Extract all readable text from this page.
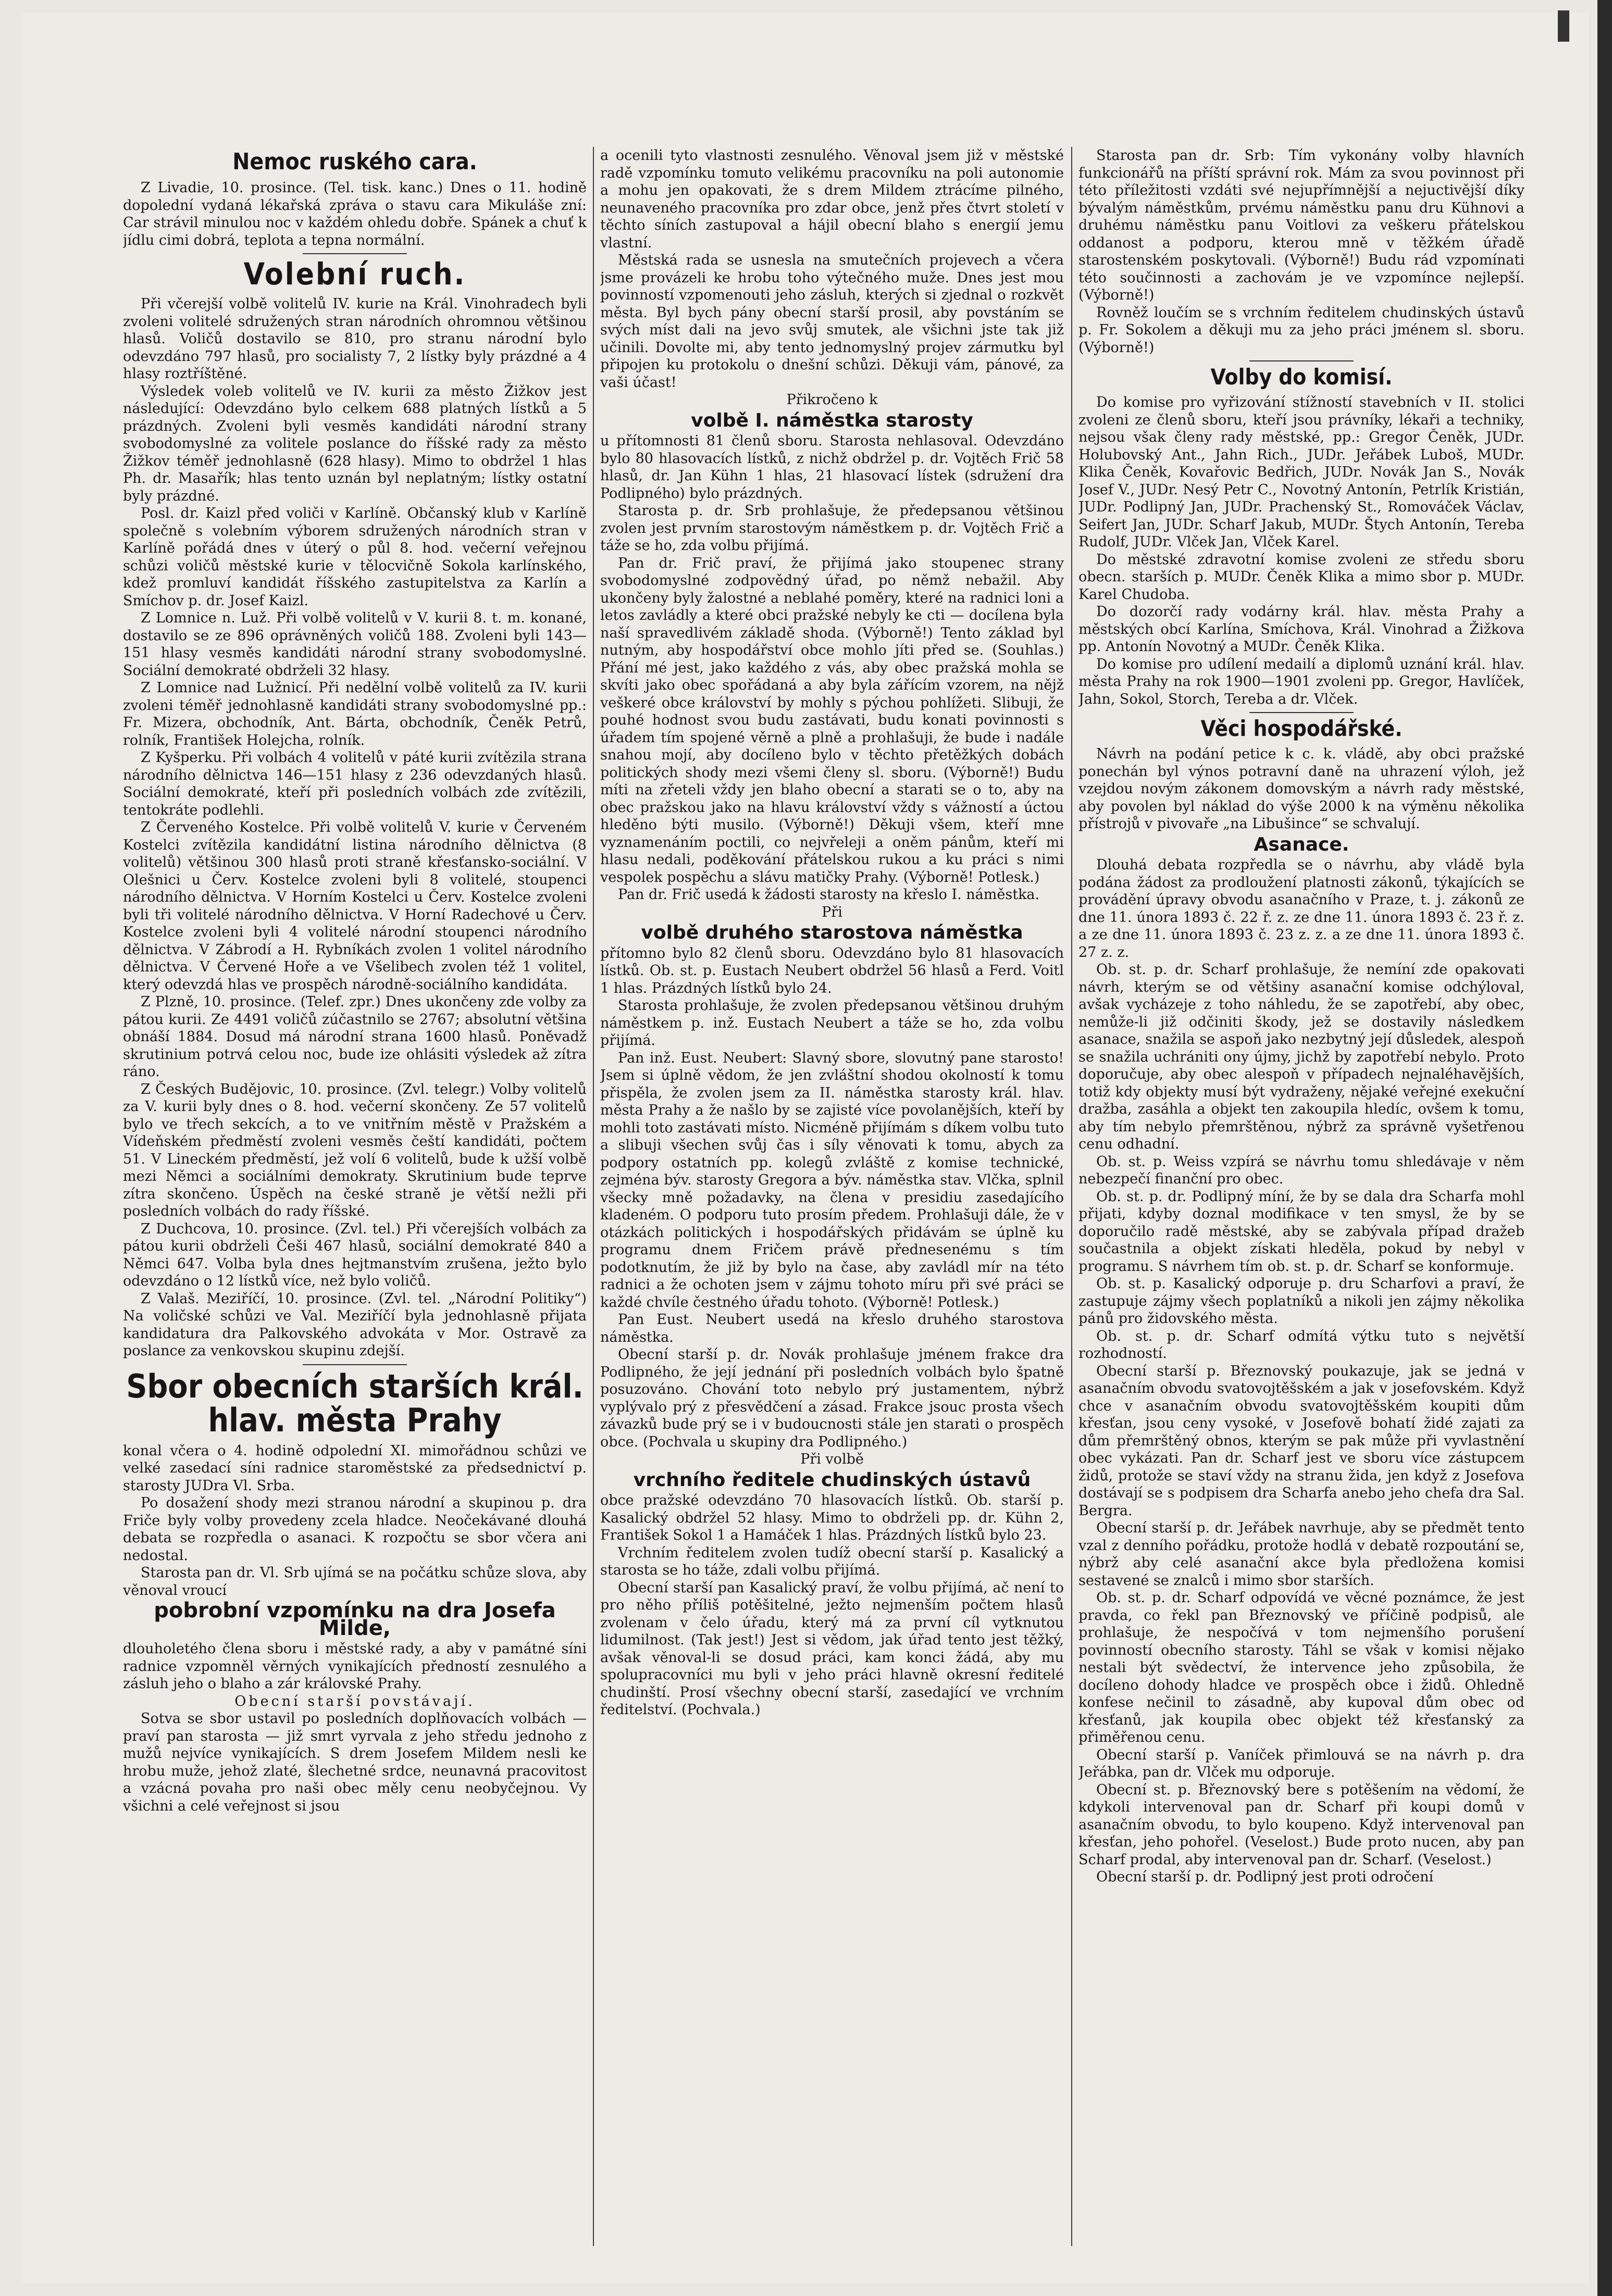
Nemoc ruského cara.

Z Livadie, 10. prosince. (Tel. tisk. kanc.) Dnes o 11. hodině dopolední vydaná lékařská zpráva o stavu cara Mikuláše zní: Car strávil minulou noc v každém ohledu dobře. Spánek a chuť k jídlu cimi dobrá, teplota a tepna normální.

Volební ruch.

Při včerejší volbě volitelů IV. kurie na Král. Vinohradech byli zvoleni volitelé sdružených stran národních ohromnou většinou hlasů. Voličů dostavilo se 810, pro stranu národní bylo odevzdáno 797 hlasů, pro socialisty 7, 2 lístky byly prázdné a 4 hlasy roztříštěné.

Výsledek voleb volitelů ve IV. kurii za město Žižkov jest následující: Odevzdáno bylo celkem 688 platných lístků a 5 prázdných. Zvoleni byli vesměs kandidáti národní strany svobodomyslné za volitele poslance do říšské rady za město Žižkov téměř jednohlasně (628 hlasy). Mimo to obdržel 1 hlas Ph. dr. Masařík; hlas tento uznán byl neplatným; lístky ostatní byly prázdné.

Posl. dr. Kaizl před voliči v Karlíně. Občanský klub v Karlíně společně s volebním výborem sdružených národních stran v Karlíně pořádá dnes v úterý o půl 8. hod. večerní veřejnou schůzi voličů městské kurie v tělocvičně Sokola karlínského, kdež promluví kandidát říšského zastupitelstva za Karlín a Smíchov p. dr. Josef Kaizl.

Z Lomnice n. Luž. Při volbě volitelů v V. kurii 8. t. m. konané, dostavilo se ze 896 oprávněných voličů 188. Zvoleni byli 143—151 hlasy vesměs kandidáti národní strany svobodomyslné. Sociální demokraté obdrželi 32 hlasy.

Z Lomnice nad Lužnicí. Při nedělní volbě volitelů za IV. kurii zvoleni téměř jednohlasně kandidáti strany svobodomyslné pp.: Fr. Mizera, obchodník, Ant. Bárta, obchodník, Čeněk Petrů, rolník, František Holejcha, rolník.

Z Kyšperku. Při volbách 4 volitelů v páté kurii zvítězila strana národního dělnictva 146—151 hlasy z 236 odevzdaných hlasů. Sociální demokraté, kteří při posledních volbách zde zvítězili, tentokráte podlehli.

Z Červeného Kostelce. Při volbě volitelů V. kurie v Červeném Kostelci zvítězila kandidátní listina národního dělnictva (8 volitelů) většinou 300 hlasů proti straně křesťansko-sociální. V Olešnici u Červ. Kostelce zvoleni byli 8 volitelé, stoupenci národního dělnictva. V Horním Kostelci u Červ. Kostelce zvoleni byli tři volitelé národního dělnictva. V Horní Radechové u Červ. Kostelce zvoleni byli 4 volitelé národní stoupenci národního dělnictva. V Zábrodí a H. Rybníkách zvolen 1 volitel národního dělnictva. V Červené Hoře a ve Všelibech zvolen též 1 volitel, který odevzdá hlas ve prospěch národně-sociálního kandidáta.

Z Plzně, 10. prosince. (Telef. zpr.) Dnes ukončeny zde volby za pátou kurii. Ze 4491 voličů zúčastnilo se 2767; absolutní většina obnáší 1884. Dosud má národní strana 1600 hlasů. Poněvadž skrutinium potrvá celou noc, bude ize ohlásiti výsledek až zítra ráno.

Z Českých Budějovic, 10. prosince. (Zvl. telegr.) Volby volitelů za V. kurii byly dnes o 8. hod. večerní skončeny. Ze 57 volitelů bylo ve třech sekcích, a to ve vnitřním městě v Pražském a Vídeňském předměstí zvoleni vesměs čeští kandidáti, počtem 51. V Lineckém předměstí, jež volí 6 volitelů, bude k užší volbě mezi Němci a sociálními demokraty. Skrutinium bude teprve zítra skončeno. Úspěch na české straně je větší nežli při posledních volbách do rady říšské.

Z Duchcova, 10. prosince. (Zvl. tel.) Při včerejších volbách za pátou kurii obdrželi Češi 467 hlasů, sociální demokraté 840 a Němci 647. Volba byla dnes hejtmanstvím zrušena, ježto bylo odevzdáno o 12 lístků více, než bylo voličů.

Z Valaš. Meziříčí, 10. prosince. (Zvl. tel. „Národní Politiky“) Na voličské schůzi ve Val. Meziříčí byla jednohlasně přijata kandidatura dra Palkovského advokáta v Mor. Ostravě za poslance za venkovskou skupinu zdejší.

Sbor obecních starších král. hlav. města Prahy

konal včera o 4. hodině odpolední XI. mimořádnou schůzi ve velké zasedací síni radnice staroměstské za předsednictví p. starosty JUDra Vl. Srba.

Po dosažení shody mezi stranou národní a skupinou p. dra Friče byly volby provedeny zcela hladce. Neočekávané dlouhá debata se rozpředla o asanaci. K rozpočtu se sbor včera ani nedostal.

Starosta pan dr. Vl. Srb ujímá se na počátku schůze slova, aby věnoval vroucí

pobrobní vzpomínku na dra Josefa Milde,

dlouholetého člena sboru i městské rady, a aby v památné síni radnice vzpomněl věrných vynikajících předností zesnulého a zásluh jeho o blaho a zár královské Prahy.

Obecní starší povstávají.

Sotva se sbor ustavil po posledních doplňovacích volbách — praví pan starosta — již smrt vyrvala z jeho středu jednoho z mužů nejvíce vynikajících. S drem Josefem Mildem nesli ke hrobu muže, jehož zlaté, šlechetné srdce, neunavná pracovitost a vzácná povaha pro naši obec měly cenu neobyčejnou. Vy všichni a celé veřejnost si jsou

a ocenili tyto vlastnosti zesnulého. Věnoval jsem již v městské radě vzpomínku tomuto velikému pracovníku na poli autonomie a mohu jen opakovati, že s drem Mildem ztrácíme pilného, neunaveného pracovníka pro zdar obce, jenž přes čtvrt století v těchto síních zastupoval a hájil obecní blaho s energií jemu vlastní.

Městská rada se usnesla na smutečních projevech a včera jsme provázeli ke hrobu toho výtečného muže. Dnes jest mou povinností vzpomenouti jeho zásluh, kterých si zjednal o rozkvět města. Byl bych pány obecní starší prosil, aby povstáním se svých míst dali na jevo svůj smutek, ale všichni jste tak již učinili. Dovolte mi, aby tento jednomyslný projev zármutku byl připojen ku protokolu o dnešní schůzi. Děkuji vám, pánové, za vaši účast!

Přikročeno k

volbě I. náměstka starosty

u přítomnosti 81 členů sboru. Starosta nehlasoval. Odevzdáno bylo 80 hlasovacích lístků, z nichž obdržel p. dr. Vojtěch Frič 58 hlasů, dr. Jan Kühn 1 hlas, 21 hlasovací lístek (sdružení dra Podlipného) bylo prázdných.

Starosta p. dr. Srb prohlašuje, že předepsanou většinou zvolen jest prvním starostovým náměstkem p. dr. Vojtěch Frič a táže se ho, zda volbu přijímá.

Pan dr. Frič praví, že přijímá jako stoupenec strany svobodomyslné zodpovědný úřad, po němž nebažil. Aby ukončeny byly žalostné a neblahé poměry, které na radnici loni a letos zavládly a které obci pražské nebyly ke cti — docílena byla naší spravedlivém základě shoda. (Výborně!) Tento základ byl nutným, aby hospodářství obce mohlo jíti před se. (Souhlas.) Přání mé jest, jako každého z vás, aby obec pražská mohla se skvíti jako obec spořádaná a aby byla zářícím vzorem, na nějž veškeré obce království by mohly s pýchou pohlížeti. Slibuji, že pouhé hodnost svou budu zastávati, budu konati povinnosti s úřadem tím spojené věrně a plně a prohlašuji, že bude i nadále snahou mojí, aby docíleno bylo v těchto přetěžkých dobách politických shody mezi všemi členy sl. sboru. (Výborně!) Budu míti na zřeteli vždy jen blaho obecní a starati se o to, aby na obec pražskou jako na hlavu království vždy s vážností a úctou hleděno býti musilo. (Výborně!) Děkuji všem, kteří mne vyznamenáním poctili, co nejvřeleji a oněm pánům, kteří mi hlasu nedali, poděkování přátelskou rukou a ku práci s nimi vespolek pospěchu a slávu matičky Prahy. (Výborně! Potlesk.)

Pan dr. Frič usedá k žádosti starosty na křeslo I. náměstka.

Při

volbě druhého starostova náměstka

přítomno bylo 82 členů sboru. Odevzdáno bylo 81 hlasovacích lístků. Ob. st. p. Eustach Neubert obdržel 56 hlasů a Ferd. Voitl 1 hlas. Prázdných lístků bylo 24.

Starosta prohlašuje, že zvolen předepsanou většinou druhým náměstkem p. inž. Eustach Neubert a táže se ho, zda volbu přijímá.

Pan inž. Eust. Neubert: Slavný sbore, slovutný pane starosto! Jsem si úplně vědom, že jen zvláštní shodou okolností k tomu přispěla, že zvolen jsem za II. náměstka starosty král. hlav. města Prahy a že našlo by se zajisté více povolanějších, kteří by mohli toto zastávati místo. Nicméně přijímám s díkem volbu tuto a slibuji všechen svůj čas i síly věnovati k tomu, abych za podpory ostatních pp. kolegů zvláště z komise technické, zejména býv. starosty Gregora a býv. náměstka stav. Vlčka, splnil všecky mně požadavky, na člena v presidiu zasedajícího kladeném. O podporu tuto prosím předem. Prohlašuji dále, že v otázkách politických i hospodářských přidávám se úplně ku programu dnem Fričem právě přednesenému s tím podotknutím, že již by bylo na čase, aby zavládl mír na této radnici a že ochoten jsem v zájmu tohoto míru při své práci se každé chvíle čestného úřadu tohoto. (Výborně! Potlesk.)

Pan Eust. Neubert usedá na křeslo druhého starostova náměstka.

Obecní starší p. dr. Novák prohlašuje jménem frakce dra Podlipného, že její jednání při posledních volbách bylo špatně posuzováno. Chování toto nebylo prý justamentem, nýbrž vyplývalo prý z přesvědčení a zásad. Frakce jsouc prosta všech závazků bude prý se i v budoucnosti stále jen starati o prospěch obce. (Pochvala u skupiny dra Podlipného.)

Při volbě

vrchního ředitele chudinských ústavů

obce pražské odevzdáno 70 hlasovacích lístků. Ob. starší p. Kasalický obdržel 52 hlasy. Mimo to obdrželi pp. dr. Kühn 2, František Sokol 1 a Hamáček 1 hlas. Prázdných lístků bylo 23.

Vrchním ředitelem zvolen tudíž obecní starší p. Kasalický a starosta se ho táže, zdali volbu přijímá.

Obecní starší pan Kasalický praví, že volbu přijímá, ač není to pro něho příliš potěšitelné, ježto nejmenším počtem hlasů zvolenam v čelo úřadu, který má za první cíl vytknutou lidumilnost. (Tak jest!) Jest si vědom, jak úřad tento jest těžký, avšak věnoval-li se dosud práci, kam konci žádá, aby mu spolupracovníci mu byli v jeho práci hlavně okresní ředitelé chudinští. Prosí všechny obecní starší, zasedající ve vrchním ředitelství. (Pochvala.)

Starosta pan dr. Srb: Tím vykonány volby hlavních funkcionářů na příští správní rok. Mám za svou povinnost při této příležitosti vzdáti své nejupřímnější a nejuctivější díky bývalým náměstkům, prvému náměstku panu dru Kühnovi a druhému náměstku panu Voitlovi za veškeru přátelskou oddanost a podporu, kterou mně v těžkém úřadě starostenském poskytovali. (Výborně!) Budu rád vzpomínati této součinnosti a zachovám je ve vzpomínce nejlepší. (Výborně!)

Rovněž loučím se s vrchním ředitelem chudinských ústavů p. Fr. Sokolem a děkuji mu za jeho práci jménem sl. sboru. (Výborně!)

Volby do komisí.

Do komise pro vyřizování stížností stavebních v II. stolici zvoleni ze členů sboru, kteří jsou právníky, lékaři a techniky, nejsou však členy rady městské, pp.: Gregor Čeněk, JUDr. Holubovský Ant., Jahn Rich., JUDr. Jeřábek Luboš, MUDr. Klika Čeněk, Kovařovic Bedřich, JUDr. Novák Jan S., Novák Josef V., JUDr. Nesý Petr C., Novotný Antonín, Petrlík Kristián, JUDr. Podlipný Jan, JUDr. Prachenský St., Romováček Václav, Seifert Jan, JUDr. Scharf Jakub, MUDr. Štych Antonín, Tereba Rudolf, JUDr. Vlček Jan, Vlček Karel.

Do městské zdravotní komise zvoleni ze středu sboru obecn. starších p. MUDr. Čeněk Klika a mimo sbor p. MUDr. Karel Chudoba.

Do dozorčí rady vodárny král. hlav. města Prahy a městských obcí Karlína, Smíchova, Král. Vinohrad a Žižkova pp. Antonín Novotný a MUDr. Čeněk Klika.

Do komise pro udílení medailí a diplomů uznání král. hlav. města Prahy na rok 1900—1901 zvoleni pp. Gregor, Havlíček, Jahn, Sokol, Storch, Tereba a dr. Vlček.

Věci hospodářské.

Návrh na podání petice k c. k. vládě, aby obci pražské ponechán byl výnos potravní daně na uhrazení výloh, jež vzejdou novým zákonem domovským a návrh rady městské, aby povolen byl náklad do výše 2000 k na výměnu několika přístrojů v pivovaře „na Libušince“ se schvalují.

Asanace.

Dlouhá debata rozpředla se o návrhu, aby vládě byla podána žádost za prodloužení platnosti zákonů, týkajících se provádění úpravy obvodu asanačního v Praze, t. j. zákonů ze dne 11. února 1893 č. 22 ř. z. ze dne 11. února 1893 č. 23 ř. z. a ze dne 11. února 1893 č. 23 z. z. a ze dne 11. února 1893 č. 27 z. z.

Ob. st. p. dr. Scharf prohlašuje, že nemíní zde opakovati návrh, kterým se od většiny asanační komise odchýloval, avšak vycházeje z toho náhledu, že se zapotřebí, aby obec, nemůže-li již odčiniti škody, jež se dostavily následkem asanace, snažila se aspoň jako nezbytný její důsledek, alespoň se snažila uchrániti ony újmy, jichž by zapotřebí nebylo. Proto doporučuje, aby obec alespoň v případech nejnaléhavějších, totiž kdy objekty musí být vydraženy, nějaké veřejné exekuční dražba, zasáhla a objekt ten zakoupila hledíc, ovšem k tomu, aby tím nebylo přemrštěnou, nýbrž za správně vyšetřenou cenu odhadní.

Ob. st. p. Weiss vzpírá se návrhu tomu shledávaje v něm nebezpečí finanční pro obec.

Ob. st. p. dr. Podlipný míní, že by se dala dra Scharfa mohl přijati, kdyby doznal modifikace v ten smysl, že by se doporučilo radě městské, aby se zabývala případ dražeb součastnila a objekt získati hleděla, pokud by nebyl v programu. S návrhem tím ob. st. p. dr. Scharf se konformuje.

Ob. st. p. Kasalický odporuje p. dru Scharfovi a praví, že zastupuje zájmy všech poplatníků a nikoli jen zájmy několika pánů pro židovského města.

Ob. st. p. dr. Scharf odmítá výtku tuto s největší rozhodností.

Obecní starší p. Březnovský poukazuje, jak se jedná v asanačním obvodu svatovojtěšském a jak v josefovském. Když chce v asanačním obvodu svatovojtěšském koupiti dům křesťan, jsou ceny vysoké, v Josefově bohatí židé zajati za dům přemrštěný obnos, kterým se pak může při vyvlastnění obec vykázati. Pan dr. Scharf jest ve sboru více zástupcem židů, protože se staví vždy na stranu žida, jen když z Josefova dostávají se s podpisem dra Scharfa anebo jeho chefa dra Sal. Bergra.

Obecní starší p. dr. Jeřábek navrhuje, aby se předmět tento vzal z denního pořádku, protože hodlá v debatě rozpoutání se, nýbrž aby celé asanační akce byla předložena komisi sestavené se znalců i mimo sbor starších.

Ob. st. p. dr. Scharf odpovídá ve věcné poznámce, že jest pravda, co řekl pan Březnovský ve příčině podpisů, ale prohlašuje, že nespočívá v tom nejmenšího porušení povinností obecního starosty. Táhl se však v komisi nějako nestali být svědectví, že intervence jeho způsobila, že docíleno dohody hladce ve prospěch obce i židů. Ohledně konfese nečinil to zásadně, aby kupoval dům obec od křesťanů, jak koupila obec objekt též křesťanský za přiměřenou cenu.

Obecní starší p. Vaníček přimlouvá se na návrh p. dra Jeřábka, pan dr. Vlček mu odporuje.

Obecní st. p. Březnovský bere s potěšením na vědomí, že kdykoli intervenoval pan dr. Scharf při koupi domů v asanačním obvodu, to bylo koupeno. Když intervenoval pan křesťan, jeho pohořel. (Veselost.) Bude proto nucen, aby pan Scharf prodal, aby intervenoval pan dr. Scharf. (Veselost.)

Obecní starší p. dr. Podlipný jest proti odročení
